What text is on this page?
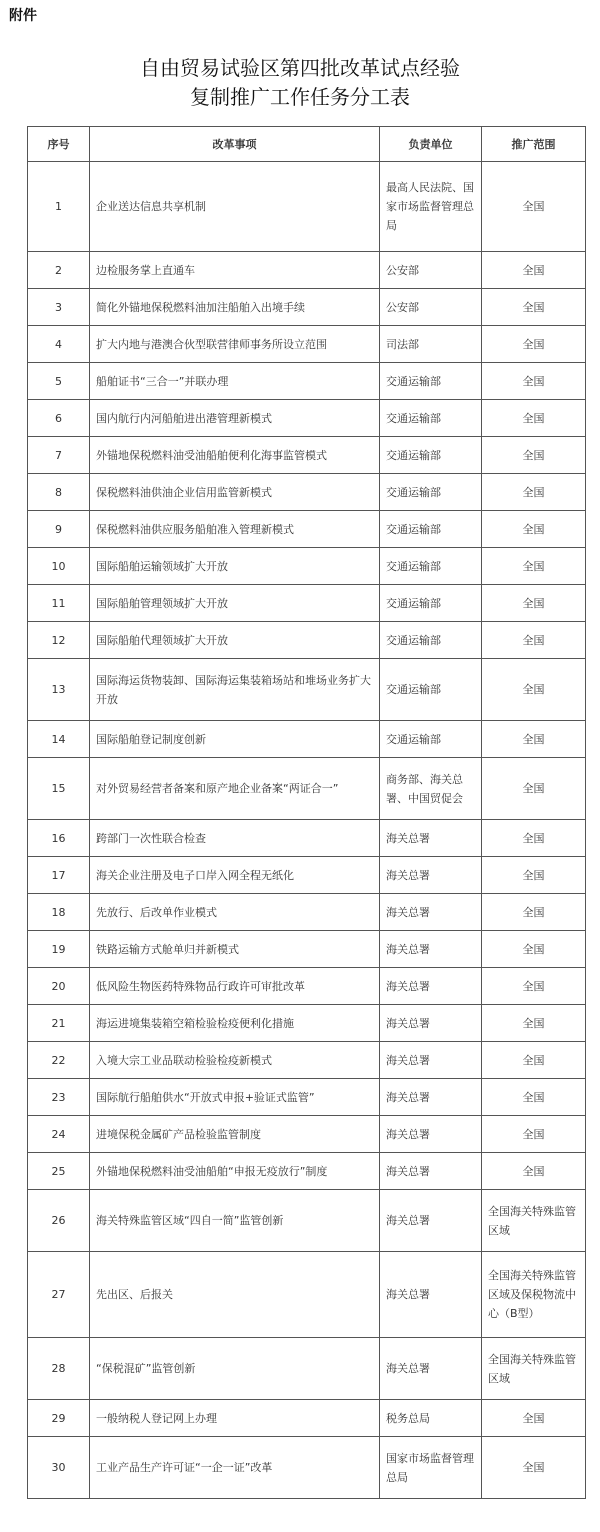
附件
自由贸易试验区第四批改革试点经验
复制推广工作任务分工表
序号	改革事项	负责单位	推广范围
1	企业送达信息共享机制	最高人民法院、国家市场监督管理总局	全国
2	边检服务掌上直通车	公安部	全国
3	简化外锚地保税燃料油加注船舶入出境手续	公安部	全国
4	扩大内地与港澳合伙型联营律师事务所设立范围	司法部	全国
5	船舶证书“三合一”并联办理	交通运输部	全国
6	国内航行内河船舶进出港管理新模式	交通运输部	全国
7	外锚地保税燃料油受油船舶便利化海事监管模式	交通运输部	全国
8	保税燃料油供油企业信用监管新模式	交通运输部	全国
9	保税燃料油供应服务船舶准入管理新模式	交通运输部	全国
10	国际船舶运输领域扩大开放	交通运输部	全国
11	国际船舶管理领域扩大开放	交通运输部	全国
12	国际船舶代理领域扩大开放	交通运输部	全国
13	国际海运货物装卸、国际海运集装箱场站和堆场业务扩大开放	交通运输部	全国
14	国际船舶登记制度创新	交通运输部	全国
15	对外贸易经营者备案和原产地企业备案“两证合一”	商务部、海关总署、中国贸促会	全国
16	跨部门一次性联合检查	海关总署	全国
17	海关企业注册及电子口岸入网全程无纸化	海关总署	全国
18	先放行、后改单作业模式	海关总署	全国
19	铁路运输方式舱单归并新模式	海关总署	全国
20	低风险生物医药特殊物品行政许可审批改革	海关总署	全国
21	海运进境集装箱空箱检验检疫便利化措施	海关总署	全国
22	入境大宗工业品联动检验检疫新模式	海关总署	全国
23	国际航行船舶供水“开放式申报+验证式监管”	海关总署	全国
24	进境保税金属矿产品检验监管制度	海关总署	全国
25	外锚地保税燃料油受油船舶“申报无疫放行”制度	海关总署	全国
26	海关特殊监管区域“四自一简”监管创新	海关总署	全国海关特殊监管区域
27	先出区、后报关	海关总署	全国海关特殊监管区域及保税物流中心（B型）
28	“保税混矿”监管创新	海关总署	全国海关特殊监管区域
29	一般纳税人登记网上办理	税务总局	全国
30	工业产品生产许可证“一企一证”改革	国家市场监督管理总局	全国
